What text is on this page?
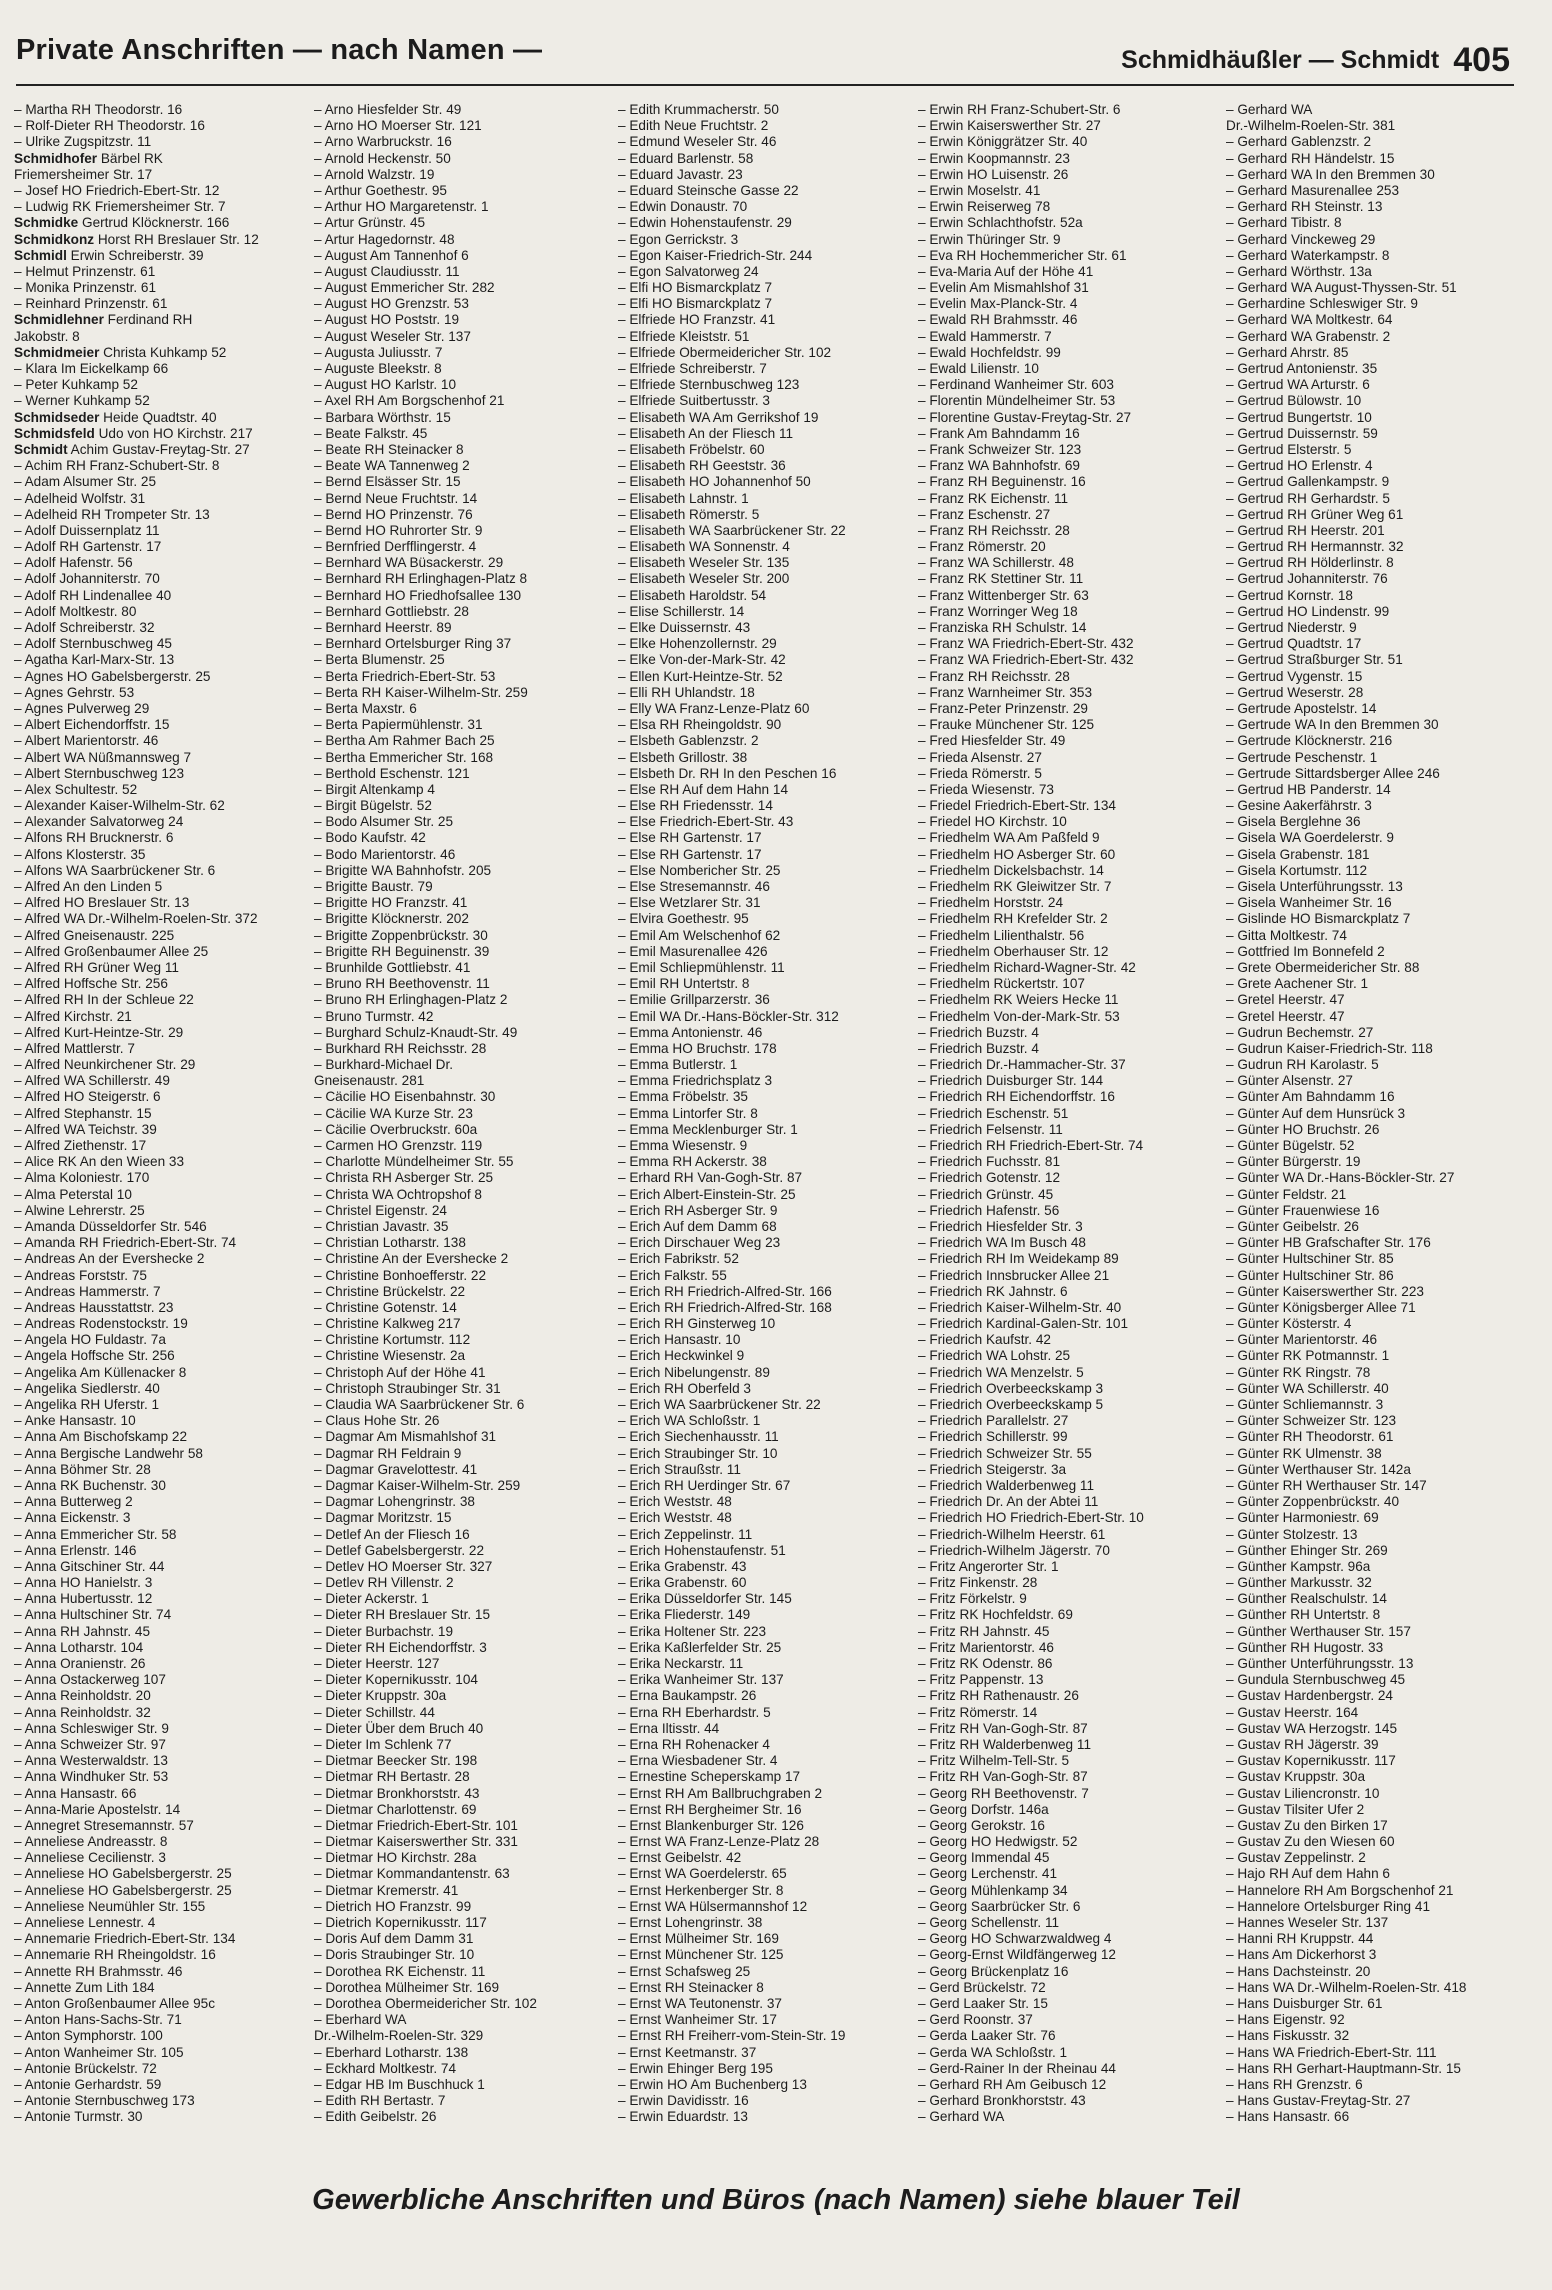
Private Anschriften — nach Namen —	Schmidhäußler — Schmidt 405
– Martha RH Theodorstr. 16
– Rolf-Dieter RH Theodorstr. 16
– Ulrike Zugspitzstr. 11
Schmidhofer Bärbel RK
Friemersheimer Str. 17
– Josef HO Friedrich-Ebert-Str. 12
– Ludwig RK Friemersheimer Str. 7
Schmidke Gertrud Klöcknerstr. 166
Schmidkonz Horst RH Breslauer Str. 12
Schmidl Erwin Schreiberstr. 39
– Helmut Prinzenstr. 61
– Monika Prinzenstr. 61
– Reinhard Prinzenstr. 61
Schmidlehner Ferdinand RH
Jakobstr. 8
Schmidmeier Christa Kuhkamp 52
– Klara Im Eickelkamp 66
– Peter Kuhkamp 52
– Werner Kuhkamp 52
Schmidseder Heide Quadtstr. 40
Schmidsfeld Udo von HO Kirchstr. 217
Schmidt Achim Gustav-Freytag-Str. 27
– Achim RH Franz-Schubert-Str. 8
– Adam Alsumer Str. 25
– Adelheid Wolfstr. 31
– Adelheid RH Trompeter Str. 13
– Adolf Duissernplatz 11
– Adolf RH Gartenstr. 17
– Adolf Hafenstr. 56
– Adolf Johanniterstr. 70
– Adolf RH Lindenallee 40
– Adolf Moltkestr. 80
– Adolf Schreiberstr. 32
– Adolf Sternbuschweg 45
– Agatha Karl-Marx-Str. 13
– Agnes HO Gabelsbergerstr. 25
– Agnes Gehrstr. 53
– Agnes Pulverweg 29
– Albert Eichendorffstr. 15
– Albert Marientorstr. 46
– Albert WA Nüßmannsweg 7
– Albert Sternbuschweg 123
– Alex Schultestr. 52
– Alexander Kaiser-Wilhelm-Str. 62
– Alexander Salvatorweg 24
– Alfons RH Brucknerstr. 6
– Alfons Klosterstr. 35
– Alfons WA Saarbrückener Str. 6
– Alfred An den Linden 5
– Alfred HO Breslauer Str. 13
– Alfred WA Dr.-Wilhelm-Roelen-Str. 372
– Alfred Gneisenaustr. 225
– Alfred Großenbaumer Allee 25
– Alfred RH Grüner Weg 11
– Alfred Hoffsche Str. 256
– Alfred RH In der Schleue 22
– Alfred Kirchstr. 21
– Alfred Kurt-Heintze-Str. 29
– Alfred Mattlerstr. 7
– Alfred Neunkirchener Str. 29
– Alfred WA Schillerstr. 49
– Alfred HO Steigerstr. 6
– Alfred Stephanstr. 15
– Alfred WA Teichstr. 39
– Alfred Ziethenstr. 17
– Alice RK An den Wieen 33
– Alma Koloniestr. 170
– Alma Peterstal 10
– Alwine Lehrerstr. 25
– Amanda Düsseldorfer Str. 546
– Amanda RH Friedrich-Ebert-Str. 74
– Andreas An der Eversheckе 2
– Andreas Forststr. 75
– Andreas Hammerstr. 7
– Andreas Hausstattstr. 23
– Andreas Rodenstockstr. 19
– Angela HO Fuldastr. 7a
– Angela Hoffsche Str. 256
– Angelika Am Küllenacker 8
– Angelika Siedlerstr. 40
– Angelika RH Uferstr. 1
– Anke Hansastr. 10
– Anna Am Bischofskamp 22
– Anna Bergische Landwehr 58
– Anna Böhmer Str. 28
– Anna RK Buchenstr. 30
– Anna Butterweg 2
– Anna Eickenstr. 3
– Anna Emmericher Str. 58
– Anna Erlenstr. 146
– Anna Gitschiner Str. 44
– Anna HO Hanielstr. 3
– Anna Hubertusstr. 12
– Anna Hultschiner Str. 74
– Anna RH Jahnstr. 45
– Anna Lotharstr. 104
– Anna Oranienstr. 26
– Anna Ostackerweg 107
– Anna Reinholdstr. 20
– Anna Reinholdstr. 32
– Anna Schleswiger Str. 9
– Anna Schweizer Str. 97
– Anna Westerwaldstr. 13
– Anna Windhuker Str. 53
– Anna Hansastr. 66
– Anna-Marie Apostelstr. 14
– Annegret Stresemannstr. 57
– Anneliese Andreasstr. 8
– Anneliese Cecilienstr. 3
– Anneliese HO Gabelsbergerstr. 25
– Anneliese HO Gabelsbergerstr. 25
– Anneliese Neumühler Str. 155
– Anneliese Lennestr. 4
– Annemarie Friedrich-Ebert-Str. 134
– Annemarie RH Rheingoldstr. 16
– Annette RH Brahmsstr. 46
– Annette Zum Lith 184
– Anton Großenbaumer Allee 95c
– Anton Hans-Sachs-Str. 71
– Anton Symphorstr. 100
– Anton Wanheimer Str. 105
– Antonie Brückelstr. 72
– Antonie Gerhardstr. 59
– Antonie Sternbuschweg 173
– Antonie Turmstr. 30
– Arno Hiesfelder Str. 49
– Arno HO Moerser Str. 121
– Arno Warbruckstr. 16
– Arnold Heckenstr. 50
– Arnold Walzstr. 19
– Arthur Goethestr. 95
– Arthur HO Margaretenstr. 1
– Artur Grünstr. 45
– Artur Hagedornstr. 48
– August Am Tannenhof 6
– August Claudiusstr. 11
– August Emmericher Str. 282
– August HO Grenzstr. 53
– August HO Poststr. 19
– August Weseler Str. 137
– Augusta Juliusstr. 7
– Auguste Bleekstr. 8
– August HO Karlstr. 10
– Axel RH Am Borgschenhof 21
– Barbara Wörthstr. 15
– Beate Falkstr. 45
– Beate RH Steinacker 8
– Beate WA Tannenweg 2
– Bernd Elsässer Str. 15
– Bernd Neue Fruchtstr. 14
– Bernd HO Prinzenstr. 76
– Bernd HO Ruhrorter Str. 9
– Bernfried Derfflingerstr. 4
– Bernhard WA Büsackerstr. 29
– Bernhard RH Erlinghagen-Platz 8
– Bernhard HO Friedhofsallee 130
– Bernhard Gottliebstr. 28
– Bernhard Heerstr. 89
– Bernhard Ortelsburger Ring 37
– Berta Blumenstr. 25
– Berta Friedrich-Ebert-Str. 53
– Berta RH Kaiser-Wilhelm-Str. 259
– Berta Maxstr. 6
– Berta Papiermühlenstr. 31
– Bertha Am Rahmer Bach 25
– Bertha Emmericher Str. 168
– Berthold Eschenstr. 121
– Birgit Altenkamp 4
– Birgit Bügelstr. 52
– Bodo Alsumer Str. 25
– Bodo Kaufstr. 42
– Bodo Marientorstr. 46
– Brigitte WA Bahnhofstr. 205
– Brigitte Baustr. 79
– Brigitte HO Franzstr. 41
– Brigitte Klöcknerstr. 202
– Brigitte Zoppenbrückstr. 30
– Brigitte RH Beguinenstr. 39
– Brunhilde Gottliebstr. 41
– Bruno RH Beethovenstr. 11
– Bruno RH Erlinghagen-Platz 2
– Bruno Turmstr. 42
– Burghard Schulz-Knaudt-Str. 49
– Burkhard RH Reichsstr. 28
– Burkhard-Michael Dr.
Gneisenaustr. 281
– Cäcilie HO Eisenbahnstr. 30
– Cäcilie WA Kurze Str. 23
– Cäcilie Overbruckstr. 60a
– Carmen HO Grenzstr. 119
– Charlotte Mündelheimer Str. 55
– Christa RH Asberger Str. 25
– Christa WA Ochtropshof 8
– Christel Eigenstr. 24
– Christian Javastr. 35
– Christian Lotharstr. 138
– Christine An der Eversheckе 2
– Christine Bonhoefferstr. 22
– Christine Brückelstr. 22
– Christine Gotenstr. 14
– Christine Kalkweg 217
– Christine Kortumstr. 112
– Christine Wiesenstr. 2a
– Christoph Auf der Höhe 41
– Christoph Straubinger Str. 31
– Claudia WA Saarbrückener Str. 6
– Claus Hohe Str. 26
– Dagmar Am Mismahlshof 31
– Dagmar RH Feldrain 9
– Dagmar Gravelottestr. 41
– Dagmar Kaiser-Wilhelm-Str. 259
– Dagmar Lohengrinstr. 38
– Dagmar Moritzstr. 15
– Detlef An der Fliesch 16
– Detlef Gabelsbergerstr. 22
– Detlev HO Moerser Str. 327
– Detlev RH Villenstr. 2
– Dieter Ackerstr. 1
– Dieter RH Breslauer Str. 15
– Dieter Burbachstr. 19
– Dieter RH Eichendorffstr. 3
– Dieter Heerstr. 127
– Dieter Kopernikusstr. 104
– Dieter Kruppstr. 30a
– Dieter Schillstr. 44
– Dieter Über dem Bruch 40
– Dieter Im Schlenk 77
– Dietmar Beecker Str. 198
– Dietmar RH Bertastr. 28
– Dietmar Bronkhorststr. 43
– Dietmar Charlottenstr. 69
– Dietmar Friedrich-Ebert-Str. 101
– Dietmar Kaiserswerther Str. 331
– Dietmar HO Kirchstr. 28a
– Dietmar Kommandantenstr. 63
– Dietmar Kremerstr. 41
– Dietrich HO Franzstr. 99
– Dietrich Kopernikusstr. 117
– Doris Auf dem Damm 31
– Doris Straubinger Str. 10
– Dorothea RK Eichenstr. 11
– Dorothea Mülheimer Str. 169
– Dorothea Obermeidericher Str. 102
– Eberhard WA
Dr.-Wilhelm-Roelen-Str. 329
– Eberhard Lotharstr. 138
– Eckhard Moltkestr. 74
– Edgar HB Im Buschhuck 1
– Edith RH Bertastr. 7
– Edith Geibelstr. 26
– Edith Krummacherstr. 50
– Edith Neue Fruchtstr. 2
– Edmund Weseler Str. 46
– Eduard Barlenstr. 58
– Eduard Javastr. 23
– Eduard Steinsche Gasse 22
– Edwin Donaustr. 70
– Edwin Hohenstaufenstr. 29
– Egon Gerrickstr. 3
– Egon Kaiser-Friedrich-Str. 244
– Egon Salvatorweg 24
– Elfi HO Bismarckplatz 7
– Elfi HO Bismarckplatz 7
– Elfriede HO Franzstr. 41
– Elfriede Kleiststr. 51
– Elfriede Obermeidericher Str. 102
– Elfriede Schreiberstr. 7
– Elfriede Sternbuschweg 123
– Elfriede Suitbertusstr. 3
– Elisabeth WA Am Gerrikshof 19
– Elisabeth An der Fliesch 11
– Elisabeth Fröbelstr. 60
– Elisabeth RH Geeststr. 36
– Elisabeth HO Johannenhof 50
– Elisabeth Lahnstr. 1
– Elisabeth Römerstr. 5
– Elisabeth WA Saarbrückener Str. 22
– Elisabeth WA Sonnenstr. 4
– Elisabeth Weseler Str. 135
– Elisabeth Weseler Str. 200
– Elisabeth Haroldstr. 54
– Elise Schillerstr. 14
– Elke Duissernstr. 43
– Elke Hohenzollernstr. 29
– Elke Von-der-Mark-Str. 42
– Ellen Kurt-Heintze-Str. 52
– Elli RH Uhlandstr. 18
– Elly WA Franz-Lenze-Platz 60
– Elsa RH Rheingoldstr. 90
– Elsbeth Gablenzstr. 2
– Elsbeth Grillostr. 38
– Elsbeth Dr. RH In den Peschen 16
– Else RH Auf dem Hahn 14
– Else RH Friedensstr. 14
– Else Friedrich-Ebert-Str. 43
– Else RH Gartenstr. 17
– Else RH Gartenstr. 17
– Else Nombericher Str. 25
– Else Stresemannstr. 46
– Else Wetzlarer Str. 31
– Elvira Goethestr. 95
– Emil Am Welschenhof 62
– Emil Masurenallee 426
– Emil Schliepmühlenstr. 11
– Emil RH Untertstr. 8
– Emilie Grillparzerstr. 36
– Emil WA Dr.-Hans-Böckler-Str. 312
– Emma Antonienstr. 46
– Emma HO Bruchstr. 178
– Emma Butlerstr. 1
– Emma Friedrichsplatz 3
– Emma Fröbelstr. 35
– Emma Lintorfer Str. 8
– Emma Mecklenburger Str. 1
– Emma Wiesenstr. 9
– Emma RH Ackerstr. 38
– Erhard RH Van-Gogh-Str. 87
– Erich Albert-Einstein-Str. 25
– Erich RH Asberger Str. 9
– Erich Auf dem Damm 68
– Erich Dirschauer Weg 23
– Erich Fabrikstr. 52
– Erich Falkstr. 55
– Erich RH Friedrich-Alfred-Str. 166
– Erich RH Friedrich-Alfred-Str. 168
– Erich RH Ginsterweg 10
– Erich Hansastr. 10
– Erich Heckwinkel 9
– Erich Nibelungenstr. 89
– Erich RH Oberfeld 3
– Erich WA Saarbrückener Str. 22
– Erich WA Schloßstr. 1
– Erich Siechenhausstr. 11
– Erich Straubinger Str. 10
– Erich Straußstr. 11
– Erich RH Uerdinger Str. 67
– Erich Weststr. 48
– Erich Weststr. 48
– Erich Zeppelinstr. 11
– Erich Hohenstaufenstr. 51
– Erika Grabenstr. 43
– Erika Grabenstr. 60
– Erika Düsseldorfer Str. 145
– Erika Fliederstr. 149
– Erika Holtener Str. 223
– Erika Kaßlerfelder Str. 25
– Erika Neckarstr. 11
– Erika Wanheimer Str. 137
– Erna Baukampstr. 26
– Erna RH Eberhardstr. 5
– Erna Iltisstr. 44
– Erna RH Rohenacker 4
– Erna Wiesbadener Str. 4
– Ernestine Scheperskamp 17
– Ernst RH Am Ballbruchgraben 2
– Ernst RH Bergheimer Str. 16
– Ernst Blankenburger Str. 126
– Ernst WA Franz-Lenze-Platz 28
– Ernst Geibelstr. 42
– Ernst WA Goerdelerstr. 65
– Ernst Herkenberger Str. 8
– Ernst WA Hülsermannshof 12
– Ernst Lohengrinstr. 38
– Ernst Mülheimer Str. 169
– Ernst Münchener Str. 125
– Ernst Schafsweg 25
– Ernst RH Steinacker 8
– Ernst WA Teutonenstr. 37
– Ernst Wanheimer Str. 17
– Ernst RH Freiherr-vom-Stein-Str. 19
– Ernst Keetmanstr. 37
– Erwin Ehinger Berg 195
– Erwin HO Am Buchenberg 13
– Erwin Davidisstr. 16
– Erwin Eduardstr. 13
– Erwin RH Franz-Schubert-Str. 6
– Erwin Kaiserswerther Str. 27
– Erwin Königgrätzer Str. 40
– Erwin Koopmannstr. 23
– Erwin HO Luisenstr. 26
– Erwin Moselstr. 41
– Erwin Reiserweg 78
– Erwin Schlachthofstr. 52a
– Erwin Thüringer Str. 9
– Eva RH Hochemmericher Str. 61
– Eva-Maria Auf der Höhe 41
– Evelin Am Mismahlshof 31
– Evelin Max-Planck-Str. 4
– Ewald RH Brahmsstr. 46
– Ewald Hammerstr. 7
– Ewald Hochfeldstr. 99
– Ewald Lilienstr. 10
– Ferdinand Wanheimer Str. 603
– Florentin Mündelheimer Str. 53
– Florentine Gustav-Freytag-Str. 27
– Frank Am Bahndamm 16
– Frank Schweizer Str. 123
– Franz WA Bahnhofstr. 69
– Franz RH Beguinenstr. 16
– Franz RK Eichenstr. 11
– Franz Eschenstr. 27
– Franz RH Reichsstr. 28
– Franz Römerstr. 20
– Franz WA Schillerstr. 48
– Franz RK Stettiner Str. 11
– Franz Wittenberger Str. 63
– Franz Worringer Weg 18
– Franziska RH Schulstr. 14
– Franz WA Friedrich-Ebert-Str. 432
– Franz WA Friedrich-Ebert-Str. 432
– Franz RH Reichsstr. 28
– Franz Warnheimer Str. 353
– Franz-Peter Prinzenstr. 29
– Frauke Münchener Str. 125
– Fred Hiesfelder Str. 49
– Frieda Alsenstr. 27
– Frieda Römerstr. 5
– Frieda Wiesenstr. 73
– Friedel Friedrich-Ebert-Str. 134
– Friedel HO Kirchstr. 10
– Friedhelm WA Am Paßfeld 9
– Friedhelm HO Asberger Str. 60
– Friedhelm Dickelsbachstr. 14
– Friedhelm RK Gleiwitzer Str. 7
– Friedhelm Horststr. 24
– Friedhelm RH Krefelder Str. 2
– Friedhelm Lilienthalstr. 56
– Friedhelm Oberhauser Str. 12
– Friedhelm Richard-Wagner-Str. 42
– Friedhelm Rückertstr. 107
– Friedhelm RK Weiers Hecke 11
– Friedhelm Von-der-Mark-Str. 53
– Friedrich Buzstr. 4
– Friedrich Buzstr. 4
– Friedrich Dr.-Hammacher-Str. 37
– Friedrich Duisburger Str. 144
– Friedrich RH Eichendorffstr. 16
– Friedrich Eschenstr. 51
– Friedrich Felsenstr. 11
– Friedrich RH Friedrich-Ebert-Str. 74
– Friedrich Fuchsstr. 81
– Friedrich Gotenstr. 12
– Friedrich Grünstr. 45
– Friedrich Hafenstr. 56
– Friedrich Hiesfelder Str. 3
– Friedrich WA Im Busch 48
– Friedrich RH Im Weidekamp 89
– Friedrich Innsbrucker Allee 21
– Friedrich RK Jahnstr. 6
– Friedrich Kaiser-Wilhelm-Str. 40
– Friedrich Kardinal-Galen-Str. 101
– Friedrich Kaufstr. 42
– Friedrich WA Lohstr. 25
– Friedrich WA Menzelstr. 5
– Friedrich Overbeeckskamp 3
– Friedrich Overbeeckskamp 5
– Friedrich Parallelstr. 27
– Friedrich Schillerstr. 99
– Friedrich Schweizer Str. 55
– Friedrich Steigerstr. 3a
– Friedrich Walderbenweg 11
– Friedrich Dr. An der Abtei 11
– Friedrich HO Friedrich-Ebert-Str. 10
– Friedrich-Wilhelm Heerstr. 61
– Friedrich-Wilhelm Jägerstr. 70
– Fritz Angerorter Str. 1
– Fritz Finkenstr. 28
– Fritz Förkelstr. 9
– Fritz RK Hochfeldstr. 69
– Fritz RH Jahnstr. 45
– Fritz Marientorstr. 46
– Fritz RK Odenstr. 86
– Fritz Pappenstr. 13
– Fritz RH Rathenaustr. 26
– Fritz Römerstr. 14
– Fritz RH Van-Gogh-Str. 87
– Fritz RH Walderbenweg 11
– Fritz Wilhelm-Tell-Str. 5
– Fritz RH Van-Gogh-Str. 87
– Georg RH Beethovenstr. 7
– Georg Dorfstr. 146a
– Georg Gerokstr. 16
– Georg HO Hedwigstr. 52
– Georg Immendal 45
– Georg Lerchenstr. 41
– Georg Mühlenkamp 34
– Georg Saarbrücker Str. 6
– Georg Schellenstr. 11
– Georg HO Schwarzwaldweg 4
– Georg-Ernst Wildfängerweg 12
– Georg Brückenplatz 16
– Gerd Brückelstr. 72
– Gerd Laaker Str. 15
– Gerd Roonstr. 37
– Gerda Laaker Str. 76
– Gerda WA Schloßstr. 1
– Gerd-Rainer In der Rheinau 44
– Gerhard RH Am Geibusch 12
– Gerhard Bronkhorststr. 43
– Gerhard WA
– Gerhard WA
Dr.-Wilhelm-Roelen-Str. 381
– Gerhard Gablenzstr. 2
– Gerhard RH Händelstr. 15
– Gerhard WA In den Bremmen 30
– Gerhard Masurenallee 253
– Gerhard RH Steinstr. 13
– Gerhard Tibistr. 8
– Gerhard Vinckeweg 29
– Gerhard Waterkampstr. 8
– Gerhard Wörthstr. 13a
– Gerhard WA August-Thyssen-Str. 51
– Gerhardine Schleswiger Str. 9
– Gerhard WA Moltkestr. 64
– Gerhard WA Grabenstr. 2
– Gerhard Ahrstr. 85
– Gertrud Antonienstr. 35
– Gertrud WA Arturstr. 6
– Gertrud Bülowstr. 10
– Gertrud Bungertstr. 10
– Gertrud Duissernstr. 59
– Gertrud Elsterstr. 5
– Gertrud HO Erlenstr. 4
– Gertrud Gallenkampstr. 9
– Gertrud RH Gerhardstr. 5
– Gertrud RH Grüner Weg 61
– Gertrud RH Heerstr. 201
– Gertrud RH Hermannstr. 32
– Gertrud RH Hölderlinstr. 8
– Gertrud Johanniterstr. 76
– Gertrud Kornstr. 18
– Gertrud HO Lindenstr. 99
– Gertrud Niederstr. 9
– Gertrud Quadtstr. 17
– Gertrud Straßburger Str. 51
– Gertrud Vygenstr. 15
– Gertrud Weserstr. 28
– Gertrude Apostelstr. 14
– Gertrude WA In den Bremmen 30
– Gertrude Klöcknerstr. 216
– Gertrude Peschenstr. 1
– Gertrude Sittardsberger Allee 246
– Gertrud HB Panderstr. 14
– Gesine Aakerfährstr. 3
– Gisela Berglehne 36
– Gisela WA Goerdelerstr. 9
– Gisela Grabenstr. 181
– Gisela Kortumstr. 112
– Gisela Unterführungsstr. 13
– Gisela Wanheimer Str. 16
– Gislinde HO Bismarckplatz 7
– Gitta Moltkestr. 74
– Gottfried Im Bonnefeld 2
– Grete Obermeidericher Str. 88
– Grete Aachener Str. 1
– Gretel Heerstr. 47
– Gretel Heerstr. 47
– Gudrun Bechemstr. 27
– Gudrun Kaiser-Friedrich-Str. 118
– Gudrun RH Karolastr. 5
– Günter Alsenstr. 27
– Günter Am Bahndamm 16
– Günter Auf dem Hunsrück 3
– Günter HO Bruchstr. 26
– Günter Bügelstr. 52
– Günter Bürgerstr. 19
– Günter WA Dr.-Hans-Böckler-Str. 27
– Günter Feldstr. 21
– Günter Frauenwiese 16
– Günter Geibelstr. 26
– Günter HB Grafschafter Str. 176
– Günter Hultschiner Str. 85
– Günter Hultschiner Str. 86
– Günter Kaiserswerther Str. 223
– Günter Königsberger Allee 71
– Günter Kösterstr. 4
– Günter Marientorstr. 46
– Günter RK Potmannstr. 1
– Günter RK Ringstr. 78
– Günter WA Schillerstr. 40
– Günter Schliemannstr. 3
– Günter Schweizer Str. 123
– Günter RH Theodorstr. 61
– Günter RK Ulmenstr. 38
– Günter Werthauser Str. 142a
– Günter RH Werthauser Str. 147
– Günter Zoppenbrückstr. 40
– Günter Harmoniestr. 69
– Günter Stolzestr. 13
– Günther Ehinger Str. 269
– Günther Kampstr. 96a
– Günther Markusstr. 32
– Günther Realschulstr. 14
– Günther RH Untertstr. 8
– Günther Werthauser Str. 157
– Günther RH Hugostr. 33
– Günther Unterführungsstr. 13
– Gundula Sternbuschweg 45
– Gustav Hardenbergstr. 24
– Gustav Heerstr. 164
– Gustav WA Herzogstr. 145
– Gustav RH Jägerstr. 39
– Gustav Kopernikusstr. 117
– Gustav Kruppstr. 30a
– Gustav Liliencronstr. 10
– Gustav Tilsiter Ufer 2
– Gustav Zu den Birken 17
– Gustav Zu den Wiesen 60
– Gustav Zeppelinstr. 2
– Hajo RH Auf dem Hahn 6
– Hannelore RH Am Borgschenhof 21
– Hannelore Ortelsburger Ring 41
– Hannes Weseler Str. 137
– Hanni RH Kruppstr. 44
– Hans Am Dickerhorst 3
– Hans Dachsteinstr. 20
– Hans WA Dr.-Wilhelm-Roelen-Str. 418
– Hans Duisburger Str. 61
– Hans Eigenstr. 92
– Hans Fiskusstr. 32
– Hans WA Friedrich-Ebert-Str. 111
– Hans RH Gerhart-Hauptmann-Str. 15
– Hans RH Grenzstr. 6
– Hans Gustav-Freytag-Str. 27
– Hans Hansastr. 66
Gewerbliche Anschriften und Büros (nach Namen) siehe blauer Teil
